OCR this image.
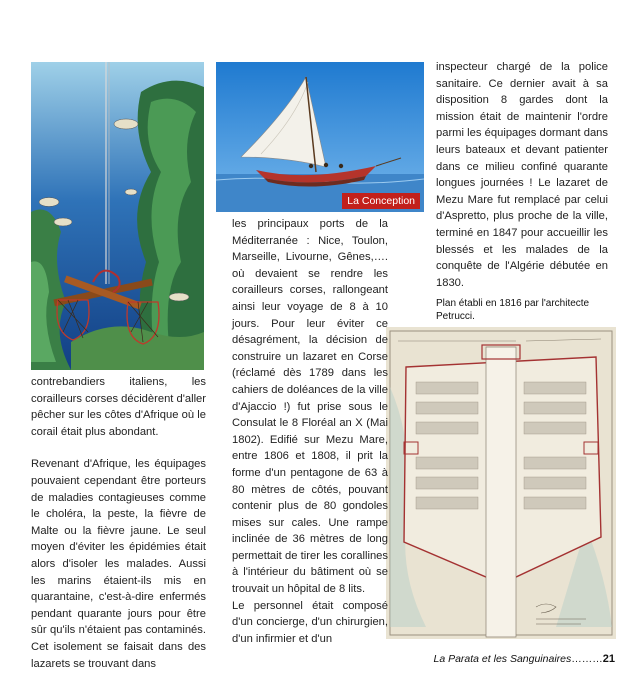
La Conception
Plan établi en 1816 par l'architecte Petrucci.

contrebandiers italiens, les corailleurs corses décidèrent d'aller pêcher sur les côtes d'Afrique où le corail était plus abondant.

Revenant d'Afrique, les équipages pouvaient cependant être porteurs de maladies contagieuses comme le choléra, la peste, la fièvre de Malte ou la fièvre jaune. Le seul moyen d'éviter les épidémies était alors d'isoler les malades. Aussi les marins étaient-ils mis en quarantaine, c'est-à-dire enfermés pendant quarante jours pour être sûr qu'ils n'étaient pas contaminés. Cet isolement se faisait dans des lazarets se trouvant dans

les principaux ports de la Méditerranée : Nice, Toulon, Marseille, Livourne, Gênes,…. où devaient se rendre les corailleurs corses, rallongeant ainsi leur voyage de 8 à 10 jours. Pour leur éviter ce désagrément, la décision de construire un lazaret en Corse (réclamé dès 1789 dans les cahiers de doléances de la ville d'Ajaccio !) fut prise sous le Consulat le 8 Floréal an X (Mai 1802). Edifié sur Mezu Mare, entre 1806 et 1808, il prit la forme d'un pentagone de 63 à 80 mètres de côtés, pouvant contenir plus de 80 gondoles mises sur cales. Une rampe inclinée de 36 mètres de long permettait de tirer les corallines à l'intérieur du bâtiment où se trouvait un hôpital de 8 lits.

Le personnel était composé d'un concierge, d'un chirurgien, d'un infirmier et d'un

inspecteur chargé de la police sanitaire. Ce dernier avait à sa disposition 8 gardes dont la mission était de maintenir l'ordre parmi les équipages dormant dans leurs bateaux et devant patienter dans ce milieu confiné quarante longues journées ! Le lazaret de Mezu Mare fut remplacé par celui d'Aspretto, plus proche de la ville, terminé en 1847 pour accueillir les blessés et les malades de la conquête de l'Algérie débutée en 1830.

La Parata et les Sanguinaires………21
